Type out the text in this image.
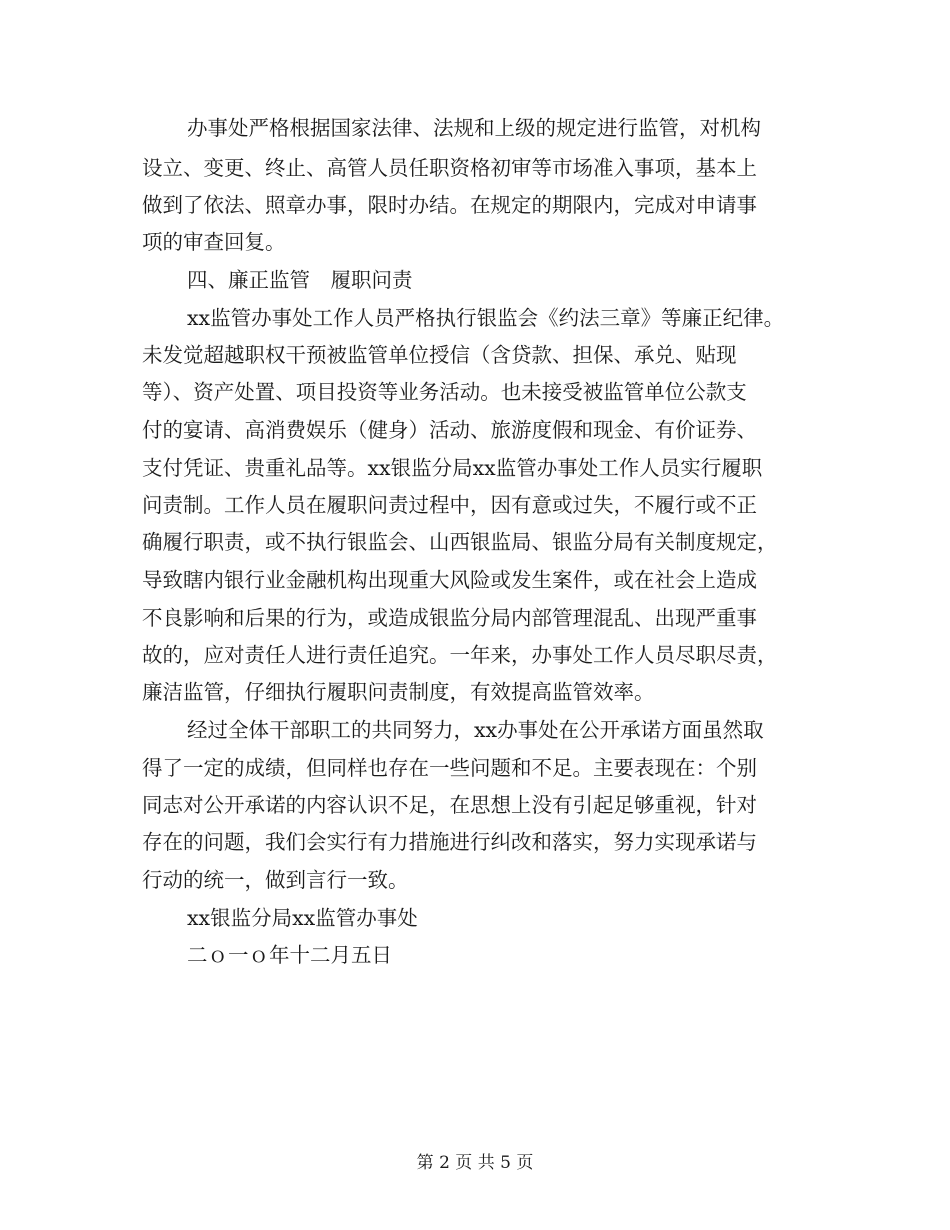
办事处严格根据国家法律、法规和上级的规定进行监管，对机构
设立、变更、终止、高管人员任职资格初审等市场准入事项，基本上
做到了依法、照章办事，限时办结。在规定的期限内，完成对申请事
项的审查回复。
四、廉正监管　履职问责
xx监管办事处工作人员严格执行银监会《约法三章》等廉正纪律。
未发觉超越职权干预被监管单位授信（含贷款、担保、承兑、贴现
等）、资产处置、项目投资等业务活动。也未接受被监管单位公款支
付的宴请、高消费娱乐（健身）活动、旅游度假和现金、有价证券、
支付凭证、贵重礼品等。xx银监分局xx监管办事处工作人员实行履职
问责制。工作人员在履职问责过程中，因有意或过失，不履行或不正
确履行职责，或不执行银监会、山西银监局、银监分局有关制度规定，
导致瞎内银行业金融机构出现重大风险或发生案件，或在社会上造成
不良影响和后果的行为，或造成银监分局内部管理混乱、出现严重事
故的，应对责任人进行责任追究。一年来，办事处工作人员尽职尽责，
廉洁监管，仔细执行履职问责制度，有效提高监管效率。
经过全体干部职工的共同努力，xx办事处在公开承诺方面虽然取
得了一定的成绩，但同样也存在一些问题和不足。主要表现在：个别
同志对公开承诺的内容认识不足，在思想上没有引起足够重视，针对
存在的问题，我们会实行有力措施进行纠改和落实，努力实现承诺与
行动的统一，做到言行一致。
xx银监分局xx监管办事处
二ｏ一ｏ年十二月五日
第 2 页 共 5 页
